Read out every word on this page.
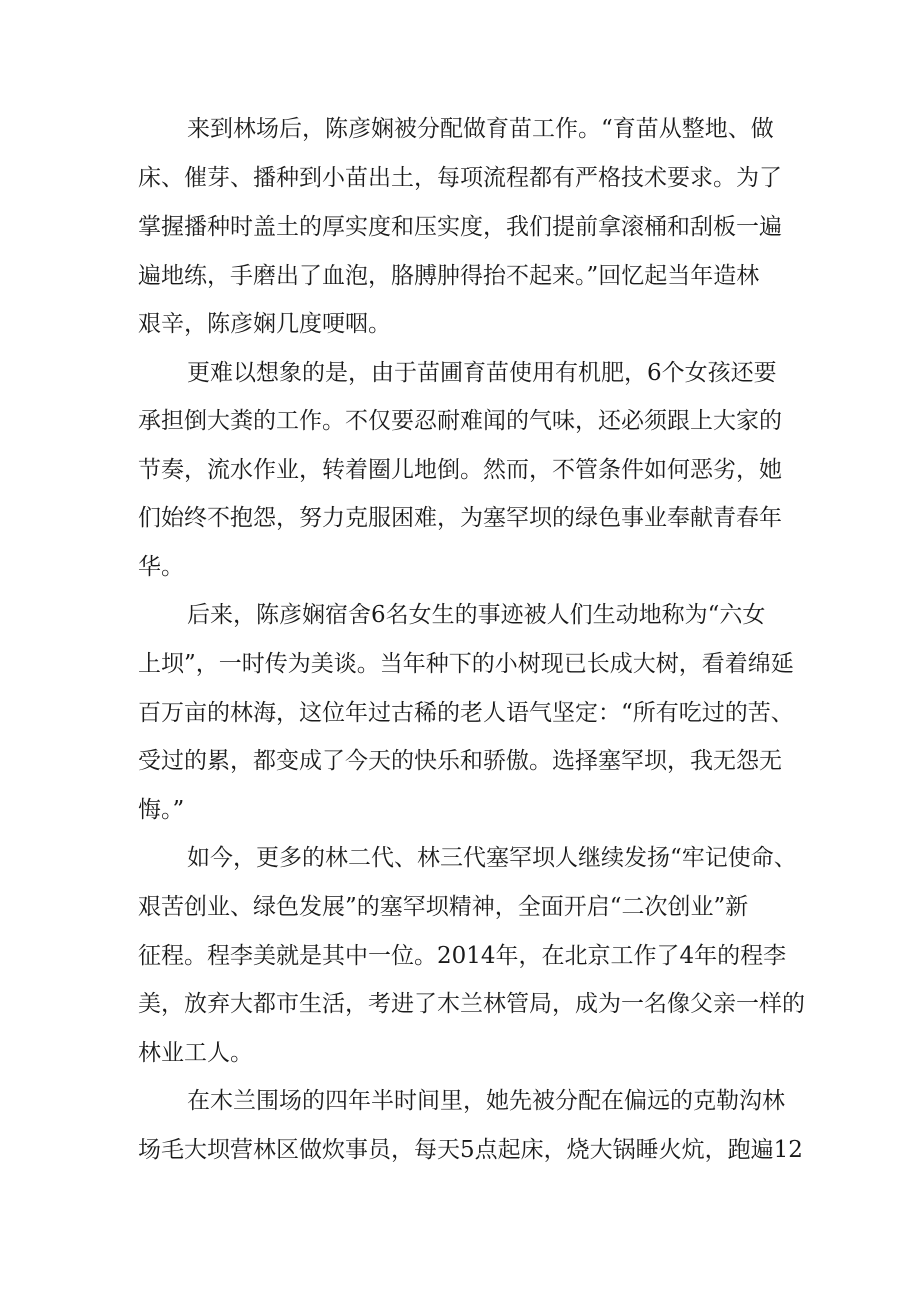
来到林场后，陈彦娴被分配做育苗工作。“育苗从整地、做
床、催芽、播种到小苗出土，每项流程都有严格技术要求。为了
掌握播种时盖土的厚实度和压实度，我们提前拿滚桶和刮板一遍
遍地练，手磨出了血泡，胳膊肿得抬不起来。”回忆起当年造林
艰辛，陈彦娴几度哽咽。
更难以想象的是，由于苗圃育苗使用有机肥，6个女孩还要
承担倒大粪的工作。不仅要忍耐难闻的气味，还必须跟上大家的
节奏，流水作业，转着圈儿地倒。然而，不管条件如何恶劣，她
们始终不抱怨，努力克服困难，为塞罕坝的绿色事业奉献青春年
华。
后来，陈彦娴宿舍6名女生的事迹被人们生动地称为“六女
上坝”，一时传为美谈。当年种下的小树现已长成大树，看着绵延
百万亩的林海，这位年过古稀的老人语气坚定：“所有吃过的苦、
受过的累，都变成了今天的快乐和骄傲。选择塞罕坝，我无怨无
悔。”
如今，更多的林二代、林三代塞罕坝人继续发扬“牢记使命、
艰苦创业、绿色发展”的塞罕坝精神，全面开启“二次创业”新
征程。程李美就是其中一位。2014年，在北京工作了4年的程李
美，放弃大都市生活，考进了木兰林管局，成为一名像父亲一样的
林业工人。
在木兰围场的四年半时间里，她先被分配在偏远的克勒沟林
场毛大坝营林区做炊事员，每天5点起床，烧大锅睡火炕，跑遍12
